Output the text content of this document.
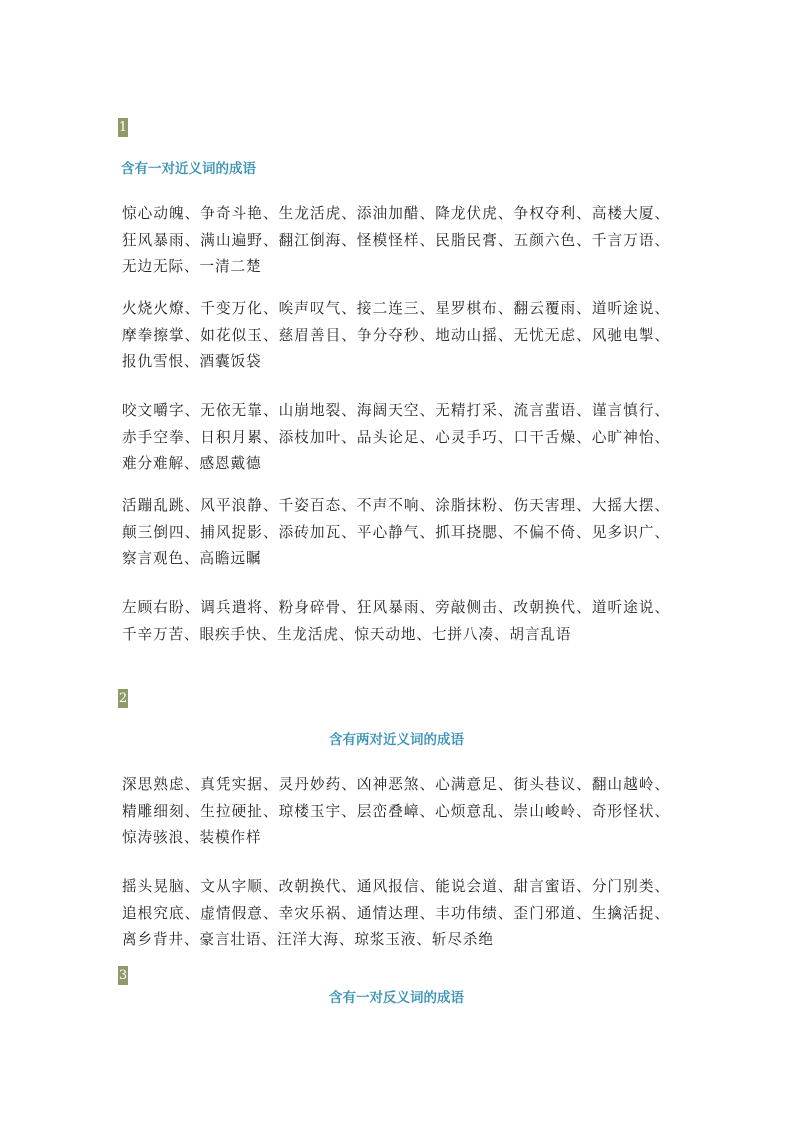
1
含有一对近义词的成语

惊心动魄、争奇斗艳、生龙活虎、添油加醋、降龙伏虎、争权夺利、高楼大厦、狂风暴雨、满山遍野、翻江倒海、怪模怪样、民脂民膏、五颜六色、千言万语、无边无际、一清二楚

火烧火燎、千变万化、唉声叹气、接二连三、星罗棋布、翻云覆雨、道听途说、摩拳擦掌、如花似玉、慈眉善目、争分夺秒、地动山摇、无忧无虑、风驰电掣、报仇雪恨、酒囊饭袋

咬文嚼字、无依无靠、山崩地裂、海阔天空、无精打采、流言蜚语、谨言慎行、赤手空拳、日积月累、添枝加叶、品头论足、心灵手巧、口干舌燥、心旷神怡、难分难解、感恩戴德

活蹦乱跳、风平浪静、千姿百态、不声不响、涂脂抹粉、伤天害理、大摇大摆、颠三倒四、捕风捉影、添砖加瓦、平心静气、抓耳挠腮、不偏不倚、见多识广、察言观色、高瞻远瞩

左顾右盼、调兵遣将、粉身碎骨、狂风暴雨、旁敲侧击、改朝换代、道听途说、千辛万苦、眼疾手快、生龙活虎、惊天动地、七拼八凑、胡言乱语

2
含有两对近义词的成语

深思熟虑、真凭实据、灵丹妙药、凶神恶煞、心满意足、街头巷议、翻山越岭、精雕细刻、生拉硬扯、琼楼玉宇、层峦叠嶂、心烦意乱、崇山峻岭、奇形怪状、惊涛骇浪、装模作样

摇头晃脑、文从字顺、改朝换代、通风报信、能说会道、甜言蜜语、分门别类、追根究底、虚情假意、幸灾乐祸、通情达理、丰功伟绩、歪门邪道、生擒活捉、离乡背井、豪言壮语、汪洋大海、琼浆玉液、斩尽杀绝

3
含有一对反义词的成语
